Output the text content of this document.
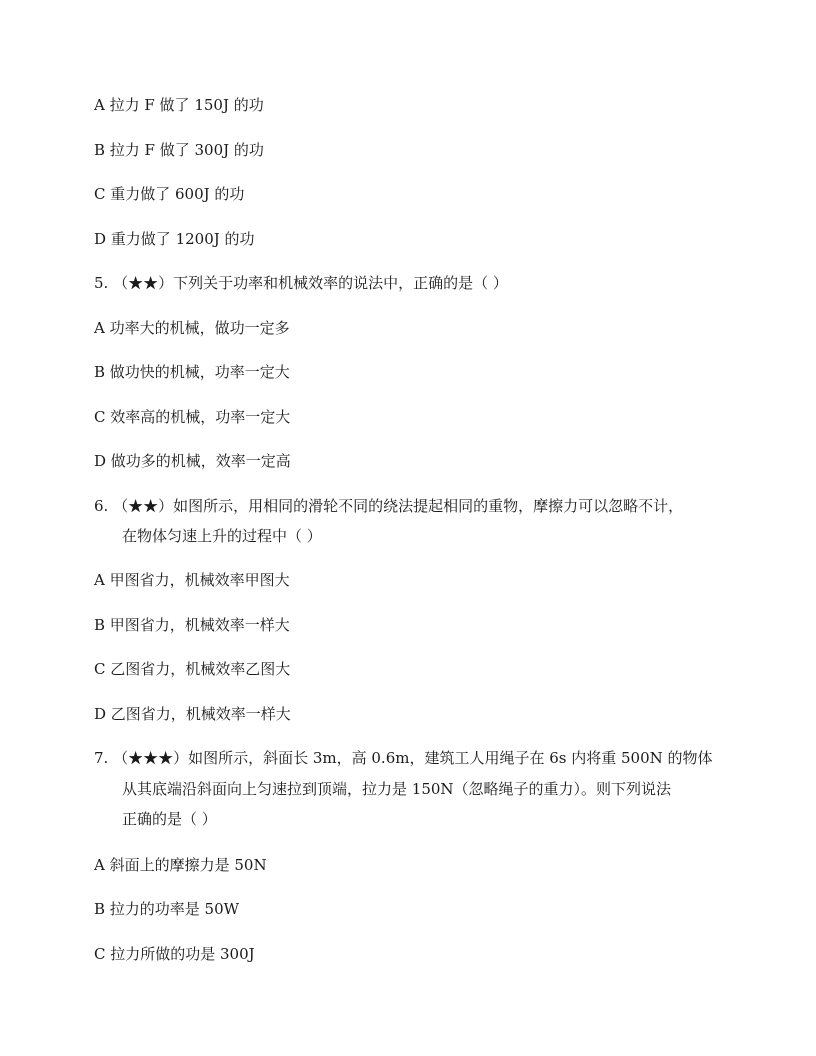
A 拉力 F 做了 150J 的功
B 拉力 F 做了 300J 的功
C 重力做了 600J 的功
D 重力做了 1200J 的功
5. （★★）下列关于功率和机械效率的说法中，正确的是（ ）
A 功率大的机械，做功一定多
B 做功快的机械，功率一定大
C 效率高的机械，功率一定大
D 做功多的机械，效率一定高
6. （★★）如图所示，用相同的滑轮不同的绕法提起相同的重物，摩擦力可以忽略不计，
在物体匀速上升的过程中（ ）
A 甲图省力，机械效率甲图大
B 甲图省力，机械效率一样大
C 乙图省力，机械效率乙图大
D 乙图省力，机械效率一样大
7. （★★★）如图所示，斜面长 3m，高 0.6m，建筑工人用绳子在 6s 内将重 500N 的物体
从其底端沿斜面向上匀速拉到顶端，拉力是 150N（忽略绳子的重力）。则下列说法
正确的是（ ）
A 斜面上的摩擦力是 50N
B 拉力的功率是 50W
C 拉力所做的功是 300J
